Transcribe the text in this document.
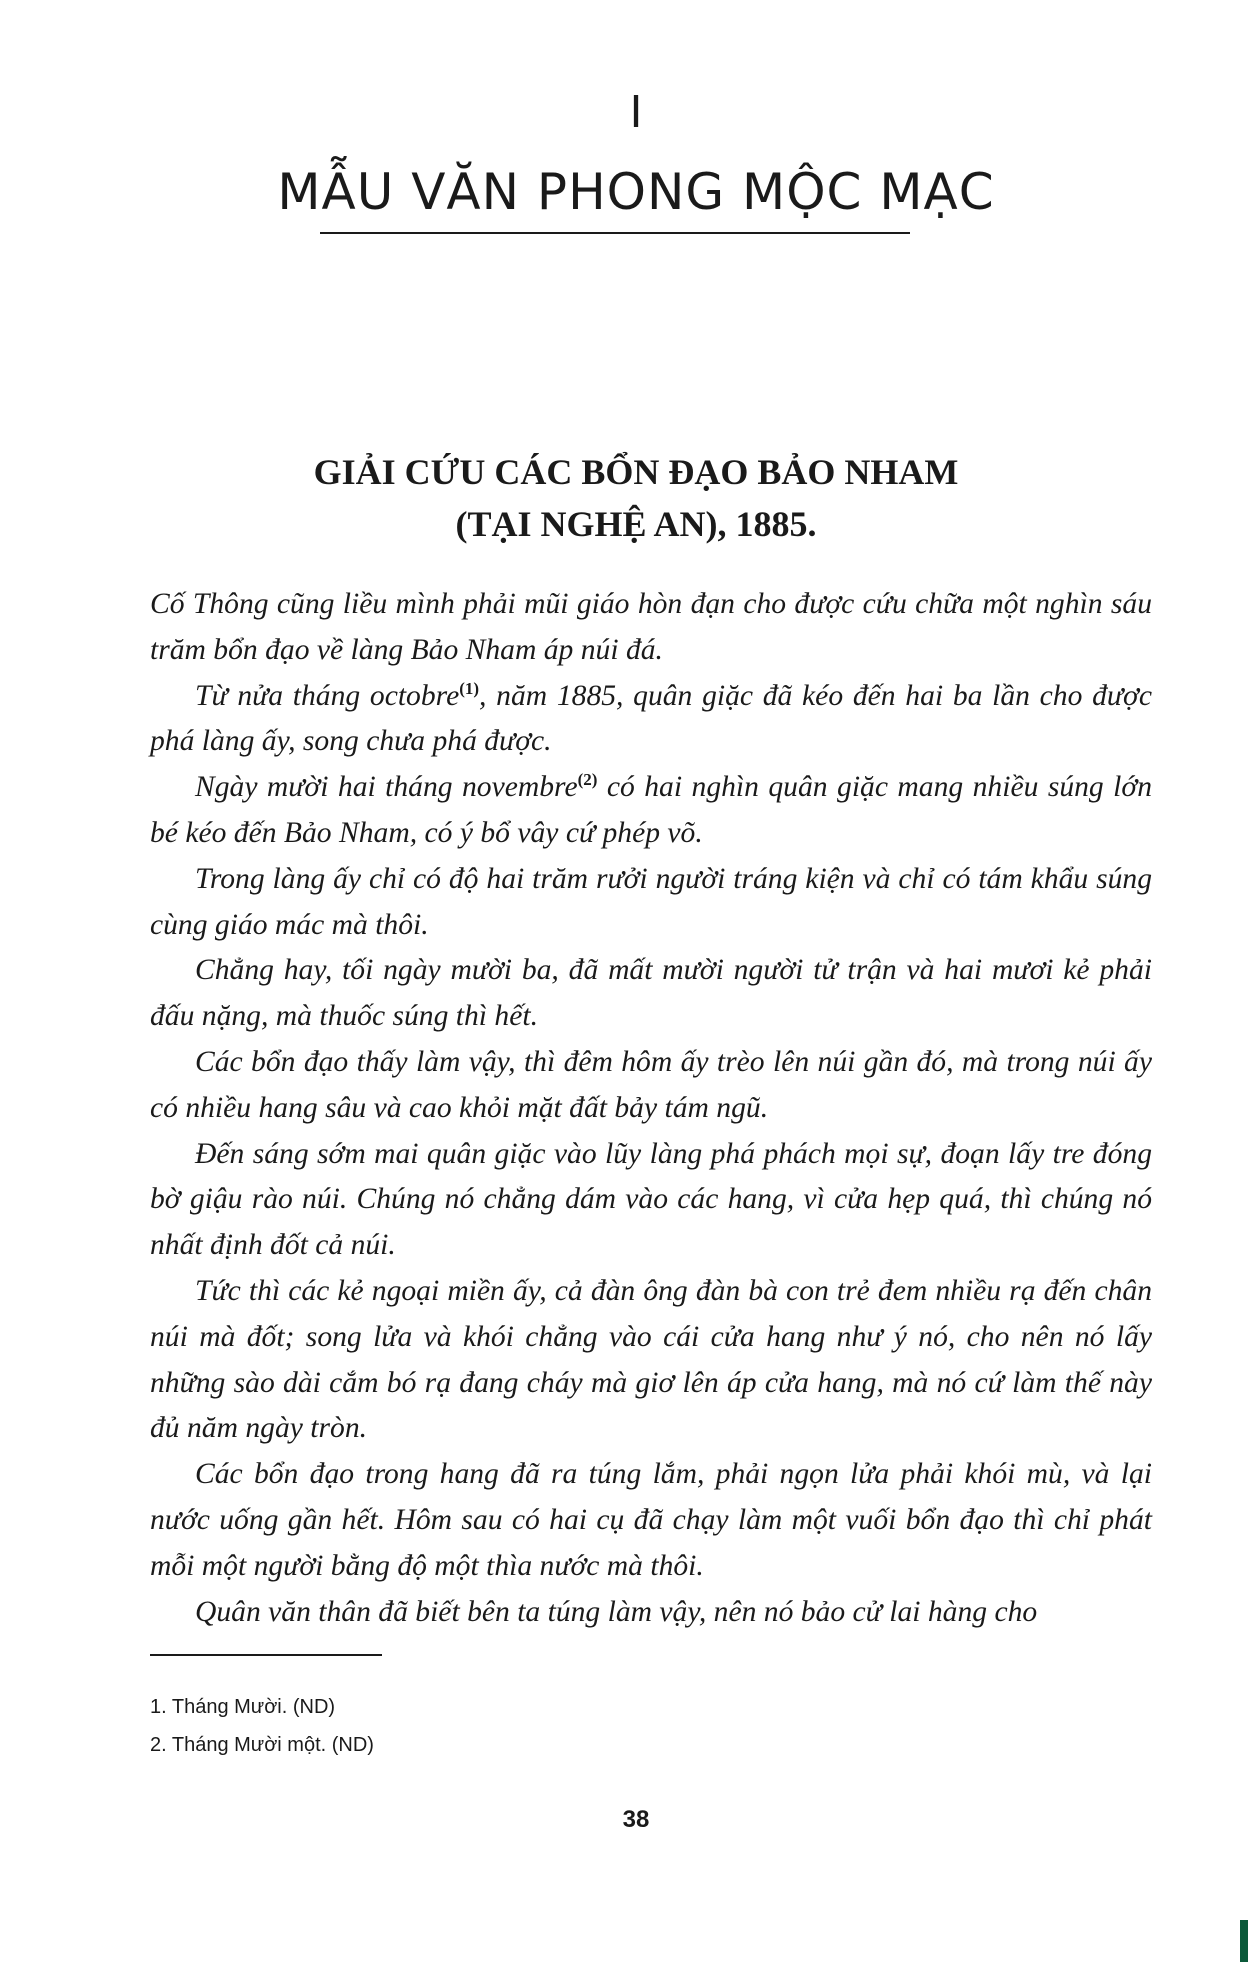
I
MẪU VĂN PHONG MỘC MẠC
GIẢI CỨU CÁC BỔN ĐẠO BẢO NHAM
(TẠI NGHỆ AN), 1885.

Cố Thông cũng liều mình phải mũi giáo hòn đạn cho được cứu chữa một nghìn sáu trăm bổn đạo về làng Bảo Nham áp núi đá.

Từ nửa tháng octobre$^{(1)}$, năm 1885, quân giặc đã kéo đến hai ba lần cho được phá làng ấy, song chưa phá được.

Ngày mười hai tháng novembre$^{(2)}$ có hai nghìn quân giặc mang nhiều súng lớn bé kéo đến Bảo Nham, có ý bổ vây cứ phép võ.

Trong làng ấy chỉ có độ hai trăm rưởi người tráng kiện và chỉ có tám khẩu súng cùng giáo mác mà thôi.

Chẳng hay, tối ngày mười ba, đã mất mười người tử trận và hai mươi kẻ phải đấu nặng, mà thuốc súng thì hết.

Các bổn đạo thấy làm vậy, thì đêm hôm ấy trèo lên núi gần đó, mà trong núi ấy có nhiều hang sâu và cao khỏi mặt đất bảy tám ngũ.

Đến sáng sớm mai quân giặc vào lũy làng phá phách mọi sự, đoạn lấy tre đóng bờ giậu rào núi. Chúng nó chẳng dám vào các hang, vì cửa hẹp quá, thì chúng nó nhất định đốt cả núi.

Tức thì các kẻ ngoại miền ấy, cả đàn ông đàn bà con trẻ đem nhiều rạ đến chân núi mà đốt; song lửa và khói chẳng vào cái cửa hang như ý nó, cho nên nó lấy những sào dài cắm bó rạ đang cháy mà giơ lên áp cửa hang, mà nó cứ làm thế này đủ năm ngày tròn.

Các bổn đạo trong hang đã ra túng lắm, phải ngọn lửa phải khói mù, và lại nước uống gần hết. Hôm sau có hai cụ đã chạy làm một vuối bổn đạo thì chỉ phát mỗi một người bằng độ một thìa nước mà thôi.

Quân văn thân đã biết bên ta túng làm vậy, nên nó bảo cử lai hàng cho

1. Tháng Mười. (ND)
2. Tháng Mười một. (ND)
38
